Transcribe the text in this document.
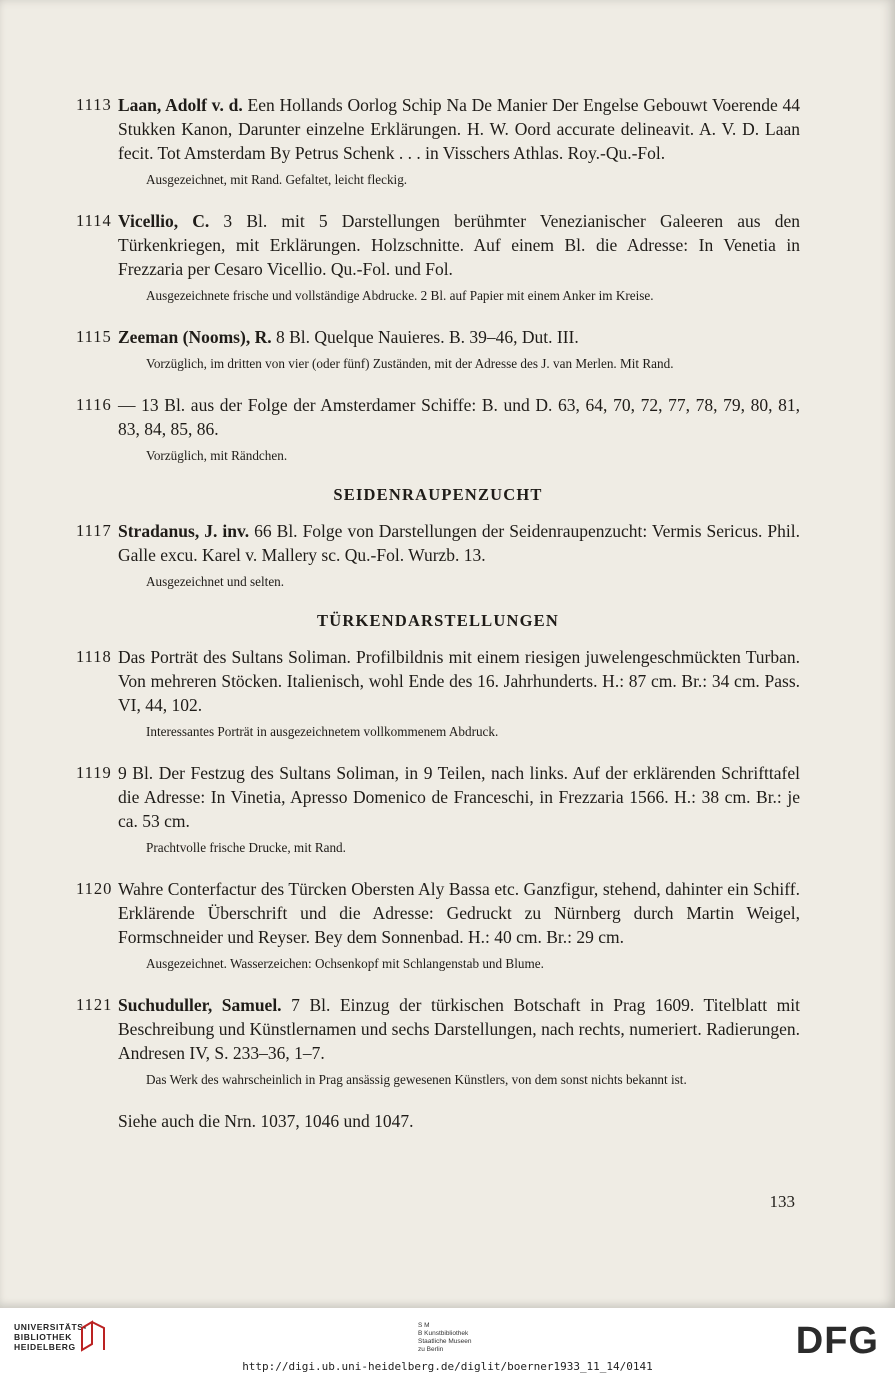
1113 Laan, Adolf v. d. Een Hollands Oorlog Schip Na De Manier Der Engelse Gebouwt Voerende 44 Stukken Kanon, Darunter einzelne Erklärungen. H. W. Oord accurate delineavit. A. V. D. Laan fecit. Tot Amsterdam By Petrus Schenk . . . in Visschers Athlas. Roy.-Qu.-Fol.
Ausgezeichnet, mit Rand. Gefaltet, leicht fleckig.
1114 Vicellio, C. 3 Bl. mit 5 Darstellungen berühmter Venezianischer Galeeren aus den Türkenkriegen, mit Erklärungen. Holzschnitte. Auf einem Bl. die Adresse: In Venetia in Frezzaria per Cesaro Vicellio. Qu.-Fol. und Fol.
Ausgezeichnete frische und vollständige Abdrucke. 2 Bl. auf Papier mit einem Anker im Kreise.
1115 Zeeman (Nooms), R. 8 Bl. Quelque Nauieres. B. 39–46, Dut. III.
Vorzüglich, im dritten von vier (oder fünf) Zuständen, mit der Adresse des J. van Merlen. Mit Rand.
1116 — 13 Bl. aus der Folge der Amsterdamer Schiffe: B. und D. 63, 64, 70, 72, 77, 78, 79, 80, 81, 83, 84, 85, 86.
Vorzüglich, mit Rändchen.
SEIDENRAUPENZUCHT
1117 Stradanus, J. inv. 66 Bl. Folge von Darstellungen der Seidenraupenzucht: Vermis Sericus. Phil. Galle excu. Karel v. Mallery sc. Qu.-Fol. Wurzb. 13.
Ausgezeichnet und selten.
TÜRKENDARSTELLUNGEN
1118 Das Porträt des Sultans Soliman. Profilbildnis mit einem riesigen juwelengeschmückten Turban. Von mehreren Stöcken. Italienisch, wohl Ende des 16. Jahrhunderts. H.: 87 cm. Br.: 34 cm. Pass. VI, 44, 102.
Interessantes Porträt in ausgezeichnetem vollkommenem Abdruck.
1119 9 Bl. Der Festzug des Sultans Soliman, in 9 Teilen, nach links. Auf der erklärenden Schrifttafel die Adresse: In Vinetia, Apresso Domenico de Franceschi, in Frezzaria 1566. H.: 38 cm. Br.: je ca. 53 cm.
Prachtvolle frische Drucke, mit Rand.
1120 Wahre Conterfactur des Türcken Obersten Aly Bassa etc. Ganzfigur, stehend, dahinter ein Schiff. Erklärende Überschrift und die Adresse: Gedruckt zu Nürnberg durch Martin Weigel, Formschneider und Reyser. Bey dem Sonnenbad. H.: 40 cm. Br.: 29 cm.
Ausgezeichnet. Wasserzeichen: Ochsenkopf mit Schlangenstab und Blume.
1121 Suchuduller, Samuel. 7 Bl. Einzug der türkischen Botschaft in Prag 1609. Titelblatt mit Beschreibung und Künstlernamen und sechs Darstellungen, nach rechts, numeriert. Radierungen. Andresen IV, S. 233–36, 1–7.
Das Werk des wahrscheinlich in Prag ansässig gewesenen Künstlers, von dem sonst nichts bekannt ist.
Siehe auch die Nrn. 1037, 1046 und 1047.
133
UNIVERSITÄTS-
BIBLIOTHEK
HEIDELBERG
S M
B Kunstbibliothek
Staatliche Museen
zu Berlin	DFG
http://digi.ub.uni-heidelberg.de/diglit/boerner1933_11_14/0141
